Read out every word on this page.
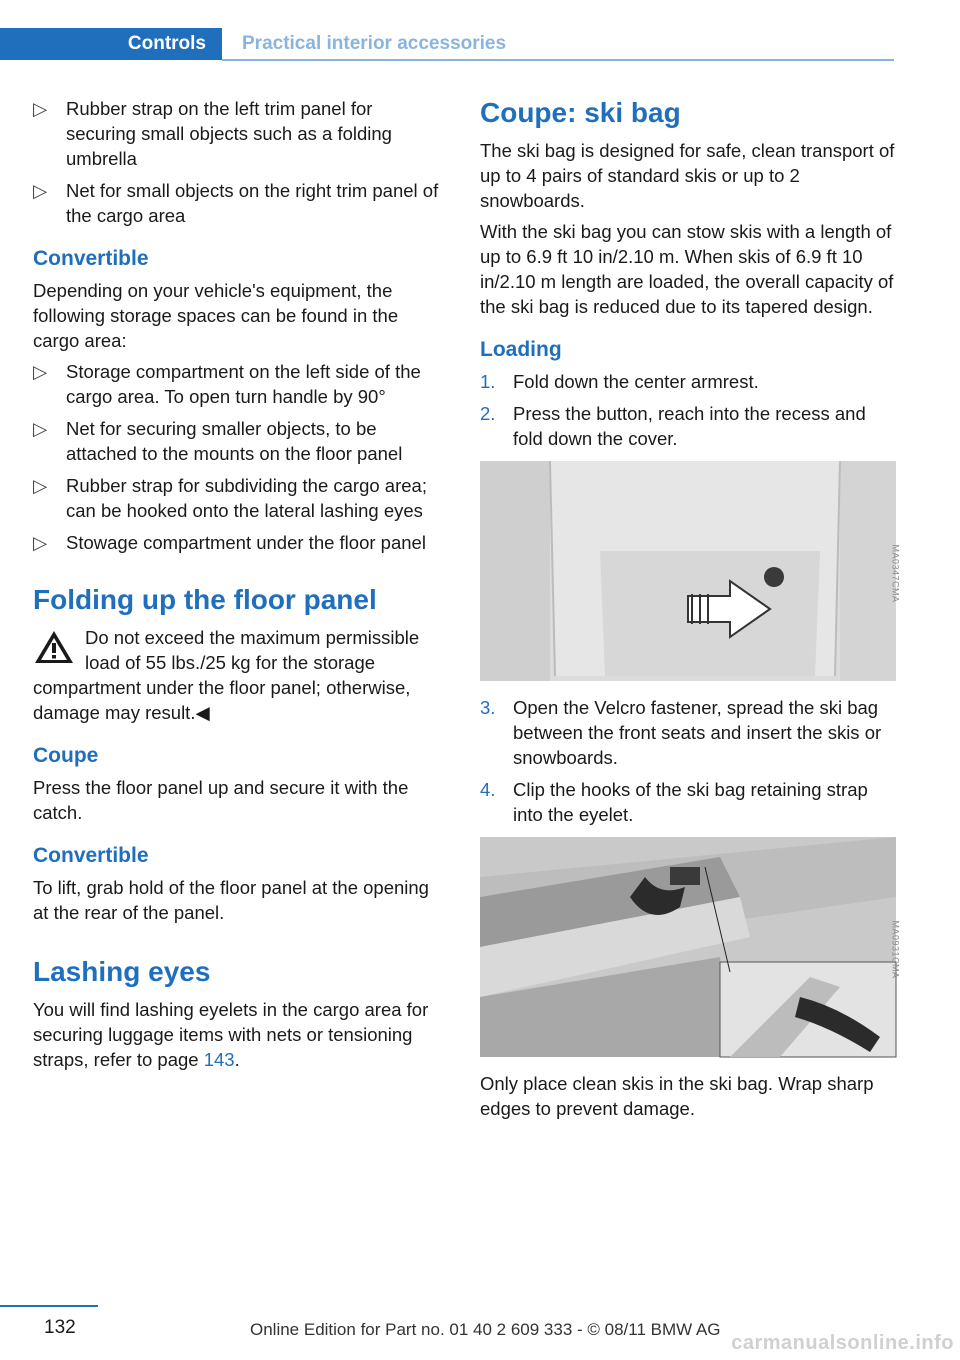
Controls	Practical interior accessories
▷	Rubber strap on the left trim panel for securing small objects such as a folding umbrella
▷	Net for small objects on the right trim panel of the cargo area
Convertible
Depending on your vehicle's equipment, the following storage spaces can be found in the cargo area:
▷	Storage compartment on the left side of the cargo area. To open turn handle by 90°
▷	Net for securing smaller objects, to be attached to the mounts on the floor panel
▷	Rubber strap for subdividing the cargo area; can be hooked onto the lateral lashing eyes
▷	Stowage compartment under the floor panel
Folding up the floor panel
Do not exceed the maximum permissible load of 55 lbs./25 kg for the storage compartment under the floor panel; otherwise, damage may result.◀
Coupe
Press the floor panel up and secure it with the catch.
Convertible
To lift, grab hold of the floor panel at the opening at the rear of the panel.
Lashing eyes
You will find lashing eyelets in the cargo area for securing luggage items with nets or tensioning straps, refer to page 143.
Coupe: ski bag
The ski bag is designed for safe, clean transport of up to 4 pairs of standard skis or up to 2 snowboards.
With the ski bag you can stow skis with a length of up to 6.9 ft 10 in/2.10 m. When skis of 6.9 ft 10 in/2.10 m length are loaded, the overall capacity of the ski bag is reduced due to its tapered design.
Loading
1. Fold down the center armrest.
2. Press the button, reach into the recess and fold down the cover.
MA0347CMA
3. Open the Velcro fastener, spread the ski bag between the front seats and insert the skis or snowboards.
4. Clip the hooks of the ski bag retaining strap into the eyelet.
MA0931CMA
Only place clean skis in the ski bag. Wrap sharp edges to prevent damage.
132	Online Edition for Part no. 01 40 2 609 333 - © 08/11 BMW AG
carmanualsonline.info
